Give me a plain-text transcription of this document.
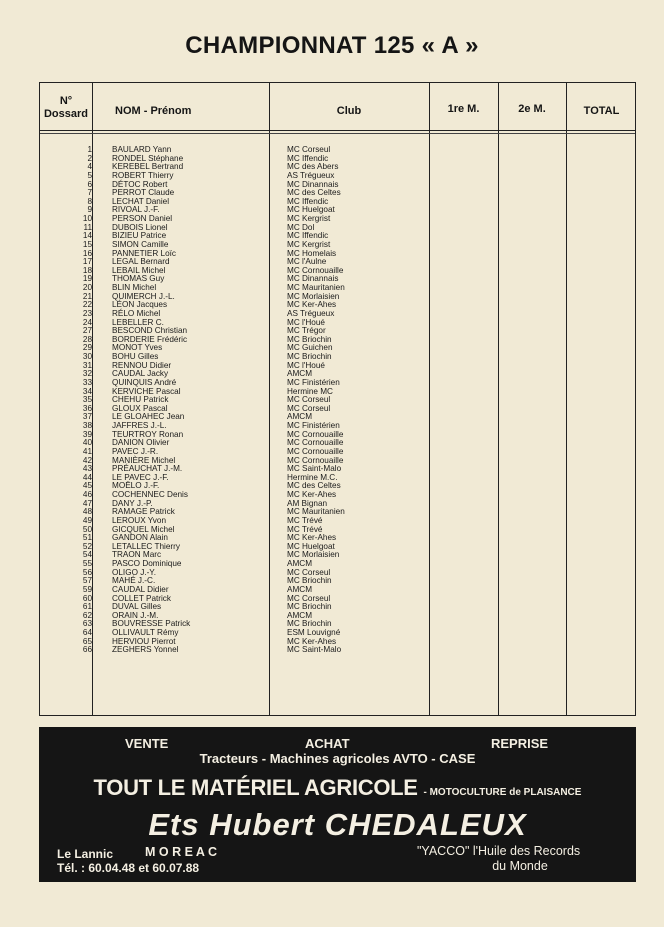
CHAMPIONNAT 125 « A »
N°
Dossard	NOM - Prénom	Club	1re M.	2e M.	TOTAL
1 BAULARD Yann	MC Corseul
2 RONDEL Stéphane	MC Iffendic
4 KEREBEL Bertrand	MC des Abers
5 ROBERT Thierry	AS Trégueux
6 DÉTOC Robert	MC Dinannais
7 PERROT Claude	MC des Celtes
8 LECHAT Daniel	MC Iffendic
9 RIVOAL J.-F.	MC Huelgoat
10 PERSON Daniel	MC Kergrist
11 DUBOIS Lionel	MC Dol
14 BIZIEU Patrice	MC Iffendic
15 SIMON Camille	MC Kergrist
16 PANNETIER Loïc	MC Homelais
17 LEGAL Bernard	MC l'Aulne
18 LEBAIL Michel	MC Cornouaille
19 THOMAS Guy	MC Dinannais
20 BLIN Michel	MC Mauritanien
21 QUIMERCH J.-L.	MC Morlaisien
22 LÉON Jacques	MC Ker-Ahes
23 RÉLO Michel	AS Trégueux
24 LEBELLER C.	MC l'Houé
27 BESCOND Christian	MC Trégor
28 BORDERIE Frédéric	MC Briochin
29 MONOT Yves	MC Guichen
30 BOHU Gilles	MC Briochin
31 RENNOU Didier	MC l'Houé
32 CAUDAL Jacky	AMCM
33 QUINQUIS André	MC Finistérien
34 KERVICHE Pascal	Hermine MC
35 CHEHU Patrick	MC Corseul
36 GLOUX Pascal	MC Corseul
37 LE GLOAHEC Jean	AMCM
38 JAFFRES J.-L.	MC Finistérien
39 TEURTROY Ronan	MC Cornouaille
40 DANION Olivier	MC Cornouaille
41 PAVEC J.-R.	MC Cornouaille
42 MANIÈRE Michel	MC Cornouaille
43 PRÉAUCHAT J.-M.	MC Saint-Malo
44 LE PAVEC J.-F.	Hermine M.C.
45 MOËLO J.-F.	MC des Celtes
46 COCHENNEC Denis	MC Ker-Ahes
47 DANY J.-P.	AM Bignan
48 RAMAGE Patrick	MC Mauritanien
49 LEROUX Yvon	MC Trévé
50 GICQUEL Michel	MC Trévé
51 GANDON Alain	MC Ker-Ahes
52 LETALLEC Thierry	MC Huelgoat
54 TRAON Marc	MC Morlaisien
55 PASCO Dominique	AMCM
56 OLIGO J.-Y.	MC Corseul
57 MAHÉ J.-C.	MC Briochin
59 CAUDAL Didier	AMCM
60 COLLET Patrick	MC Corseul
61 DUVAL Gilles	MC Briochin
62 ORAIN J.-M.	AMCM
63 BOUVRESSE Patrick	MC Briochin
64 OLLIVAULT Rémy	ESM Louvigné
65 HERVIOU Pierrot	MC Ker-Ahes
66 ZEGHERS Yonnel	MC Saint-Malo
VENTE	ACHAT	REPRISE
Tracteurs - Machines agricoles AVTO - CASE
TOUT LE MATÉRIEL AGRICOLE - MOTOCULTURE de PLAISANCE
Ets Hubert CHEDALEUX
Le Lannic	M O R E A C
Tél. : 60.04.48 et 60.07.88
"YACCO" l'Huile des Records
du Monde
